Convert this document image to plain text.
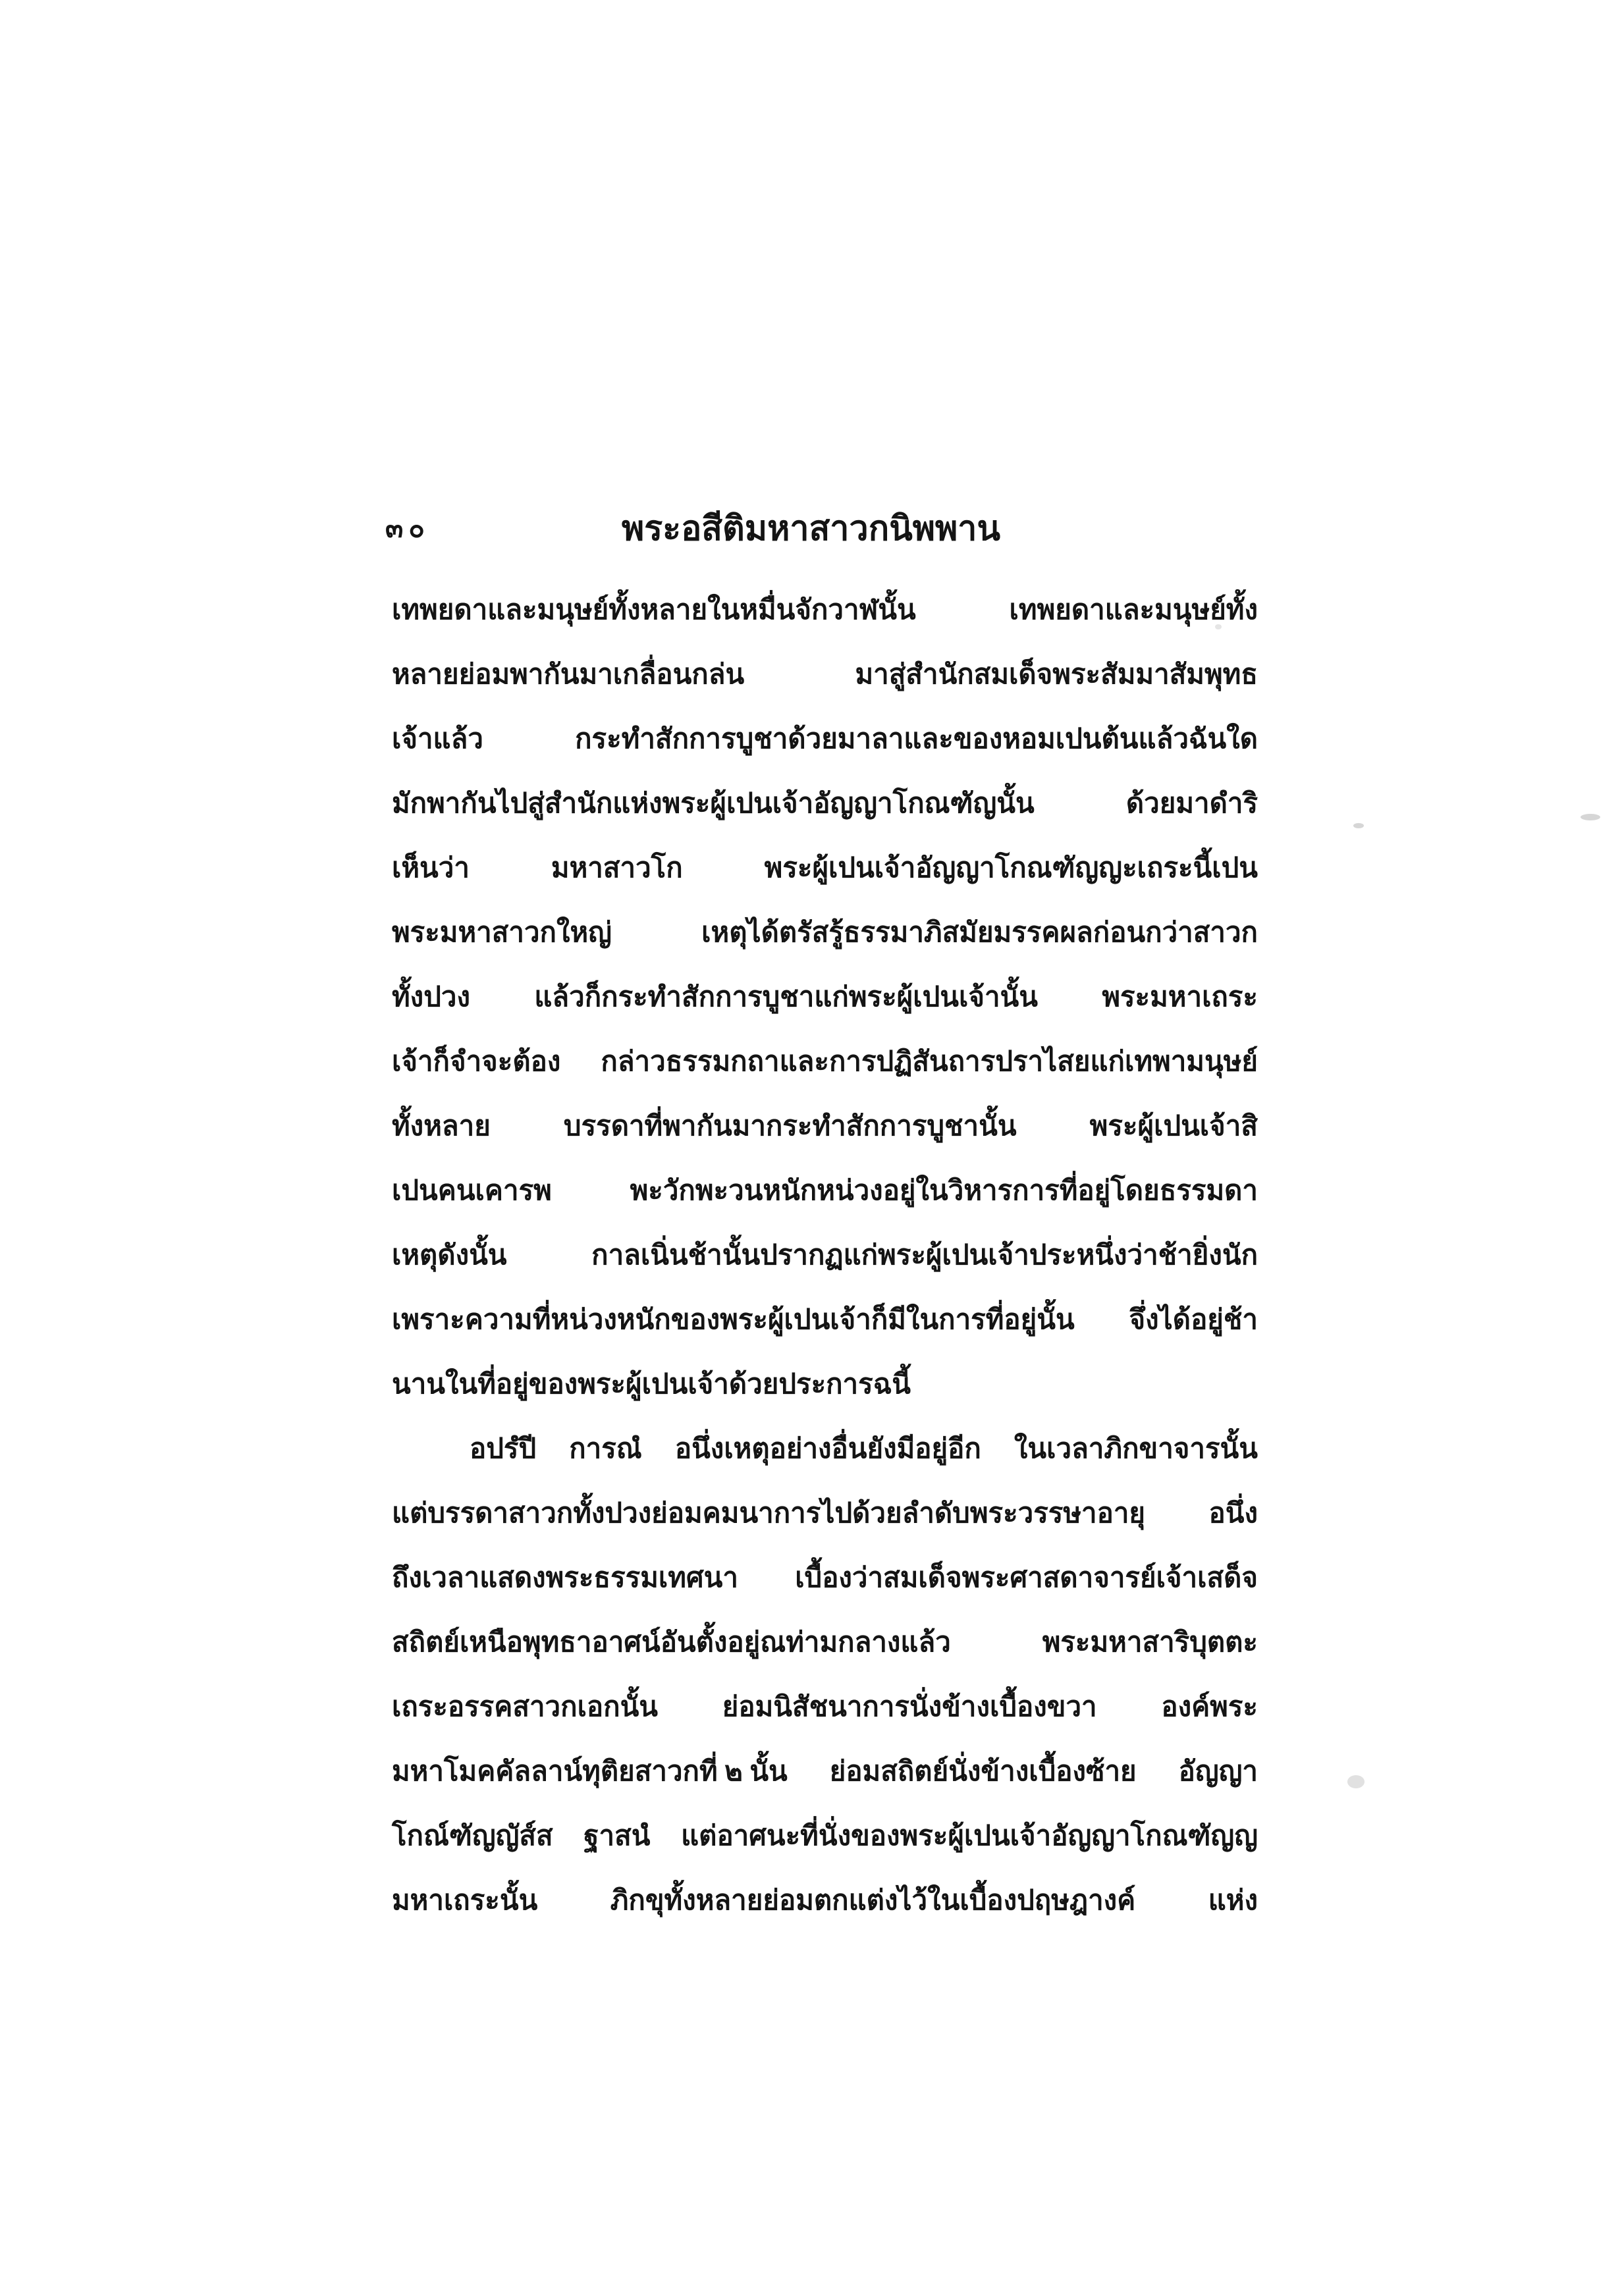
๓๐	พระอสีติมหาสาวกนิพพาน
เทพยดาและมนุษย์ทั้งหลายในหมื่นจักวาฬนั้น	เทพยดาและมนุษย์ทั้ง
หลายย่อมพากันมาเกลื่อนกล่น	มาสู่สำนักสมเด็จพระสัมมาสัมพุทธ
เจ้าแล้ว	กระทำสักการบูชาด้วยมาลาและของหอมเปนต้นแล้วฉันใด
มักพากันไปสู่สำนักแห่งพระผู้เปนเจ้าอัญญาโกณฑัญนั้น	ด้วยมาดำริ
เห็นว่า	มหาสาวโก	พระผู้เปนเจ้าอัญญาโกณฑัญญะเถระนี้เปน
พระมหาสาวกใหญ่	เหตุได้ตรัสรู้ธรรมาภิสมัยมรรคผลก่อนกว่าสาวก
ทั้งปวง แล้วก็กระทำสักการบูชาแก่พระผู้เปนเจ้านั้น พระมหาเถระ
เจ้าก็จำจะต้อง กล่าวธรรมกถาและการปฏิสันถารปราไสยแก่เทพามนุษย์
ทั้งหลาย	บรรดาที่พากันมากระทำสักการบูชานั้น	พระผู้เปนเจ้าสิ
เปนคนเคารพ	พะวักพะวนหนักหน่วงอยู่ในวิหารการที่อยู่โดยธรรมดา
เหตุดังนั้น	กาลเนิ่นช้านั้นปรากฏแก่พระผู้เปนเจ้าประหนึ่งว่าช้ายิ่งนัก
เพราะความที่หน่วงหนักของพระผู้เปนเจ้าก็มีในการที่อยู่นั้น จึ่งได้อยู่ช้า
นานในที่อยู่ของพระผู้เปนเจ้าด้วยประการฉนี้
อปรํปี การณํ อนึ่งเหตุอย่างอื่นยังมีอยู่อีก ในเวลาภิกขาจารนั้น
แต่บรรดาสาวกทั้งปวงย่อมคมนาการไปด้วยลำดับพระวรรษาอายุ อนึ่ง
ถึงเวลาแสดงพระธรรมเทศนา เบื้องว่าสมเด็จพระศาสดาจารย์เจ้าเสด็จ
สถิตย์เหนือพุทธาอาศน์อันตั้งอยู่ณท่ามกลางแล้ว	พระมหาสาริบุตตะ
เถระอรรคสาวกเอกนั้น ย่อมนิสัชนาการนั่งข้างเบื้องขวา องค์พระ
มหาโมคคัลลาน์ทุติยสาวกที่ ๒ นั้น ย่อมสถิตย์นั่งข้างเบื้องซ้าย อัญญา
โกณ์ฑัญญัส์ส ฐาสนํ แต่อาศนะที่นั่งของพระผู้เปนเจ้าอัญญาโกณฑัญญ
มหาเถระนั้น	ภิกขุทั้งหลายย่อมตกแต่งไว้ในเบื้องปฤษฎางค์	แห่ง
